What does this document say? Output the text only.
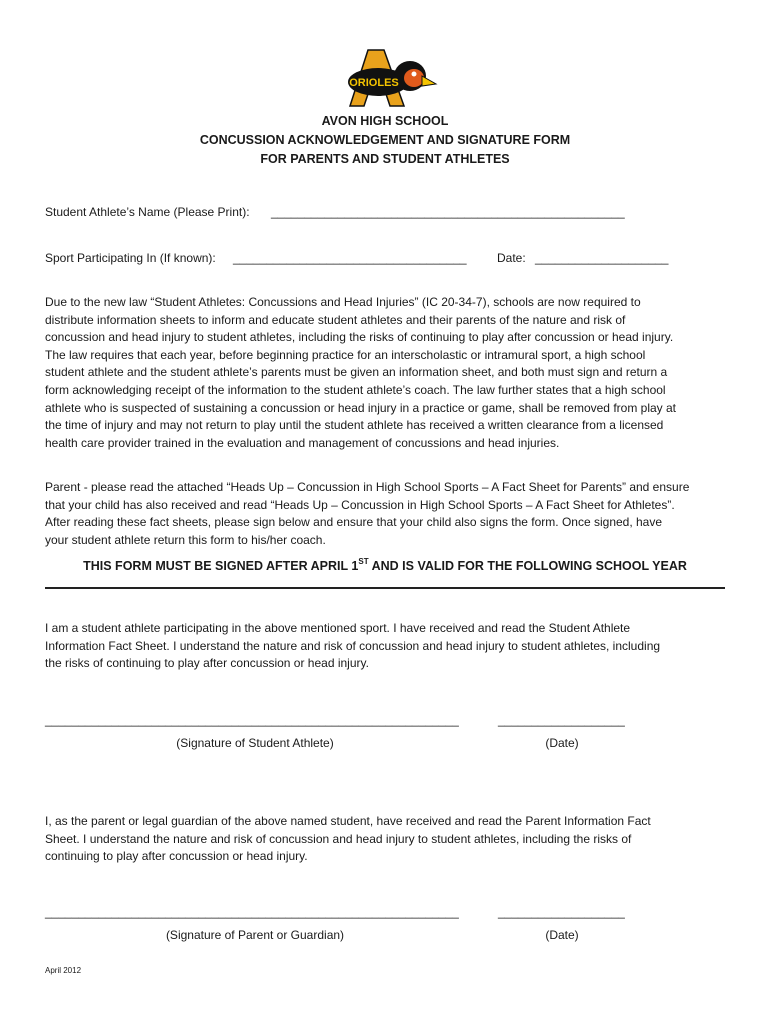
ORIOLES
AVON HIGH SCHOOL
CONCUSSION ACKNOWLEDGEMENT AND SIGNATURE FORM
FOR PARENTS AND STUDENT ATHLETES
Student Athlete’s Name (Please Print): _____________________________________________________
Sport Participating In (If known): ___________________________________	Date: ____________________
Due to the new law “Student Athletes: Concussions and Head Injuries” (IC 20-34-7), schools are now required to
distribute information sheets to inform and educate student athletes and their parents of the nature and risk of
concussion and head injury to student athletes, including the risks of continuing to play after concussion or head injury.
The law requires that each year, before beginning practice for an interscholastic or intramural sport, a high school
student athlete and the student athlete’s parents must be given an information sheet, and both must sign and return a
form acknowledging receipt of the information to the student athlete’s coach. The law further states that a high school
athlete who is suspected of sustaining a concussion or head injury in a practice or game, shall be removed from play at
the time of injury and may not return to play until the student athlete has received a written clearance from a licensed
health care provider trained in the evaluation and management of concussions and head injuries.
Parent - please read the attached “Heads Up – Concussion in High School Sports – A Fact Sheet for Parents” and ensure
that your child has also received and read “Heads Up – Concussion in High School Sports – A Fact Sheet for Athletes”.
After reading these fact sheets, please sign below and ensure that your child also signs the form. Once signed, have
your student athlete return this form to his/her coach.
THIS FORM MUST BE SIGNED AFTER APRIL 1ST AND IS VALID FOR THE FOLLOWING SCHOOL YEAR
I am a student athlete participating in the above mentioned sport. I have received and read the Student Athlete
Information Fact Sheet. I understand the nature and risk of concussion and head injury to student athletes, including
the risks of continuing to play after concussion or head injury.
______________________________________________________________	___________________
(Signature of Student Athlete)	(Date)
I, as the parent or legal guardian of the above named student, have received and read the Parent Information Fact
Sheet. I understand the nature and risk of concussion and head injury to student athletes, including the risks of
continuing to play after concussion or head injury.
______________________________________________________________	___________________
(Signature of Parent or Guardian)	(Date)
April 2012
